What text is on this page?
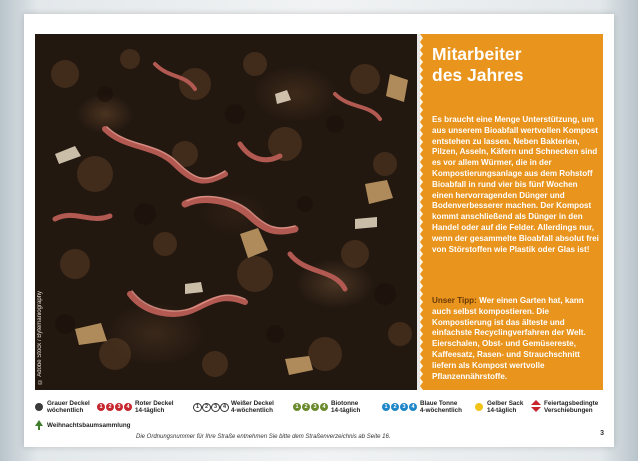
© Adobe Stock / Bytemaniography
Mitarbeiter
des Jahres

Es braucht eine Menge Unterstützung, um aus unserem Bioabfall wertvollen Kompost entstehen zu lassen. Neben Bakterien, Pilzen, Asseln, Käfern und Schnecken sind es vor allem Würmer, die in der Kompostierungsanlage aus dem Rohstoff Bioabfall in rund vier bis fünf Wochen einen hervorragenden Dünger und Bodenverbesserer machen. Der Kompost kommt anschließend als Dünger in den Handel oder auf die Felder. Allerdings nur, wenn der gesammelte Bioabfall absolut frei von Störstoffen wie Plastik oder Glas ist!

Unser Tipp: Wer einen Garten hat, kann auch selbst kompostieren. Die Kompostierung ist das älteste und einfachste Recyclingverfahren der Welt. Eierschalen, Obst- und Gemüsereste, Kaffeesatz, Rasen- und Strauchschnitt liefern als Kompost wertvolle Pflanzennährstoffe.

Grauer Deckel
wöchentlich	1	2	3	4 Roter Deckel
14-täglich	1	2	3	4 Weißer Deckel
4-wöchentlich	1	2	3	4 Biotonne
14-täglich	1	2	3	4 Blaue Tonne
4-wöchentlich
Gelber Sack
14-täglich
Feiertagsbedingte
Verschiebungen
Weihnachtsbaumsammlung
Die Ordnungsnummer für Ihre Straße entnehmen Sie bitte dem Straßenverzeichnis ab Seite 16.	3
